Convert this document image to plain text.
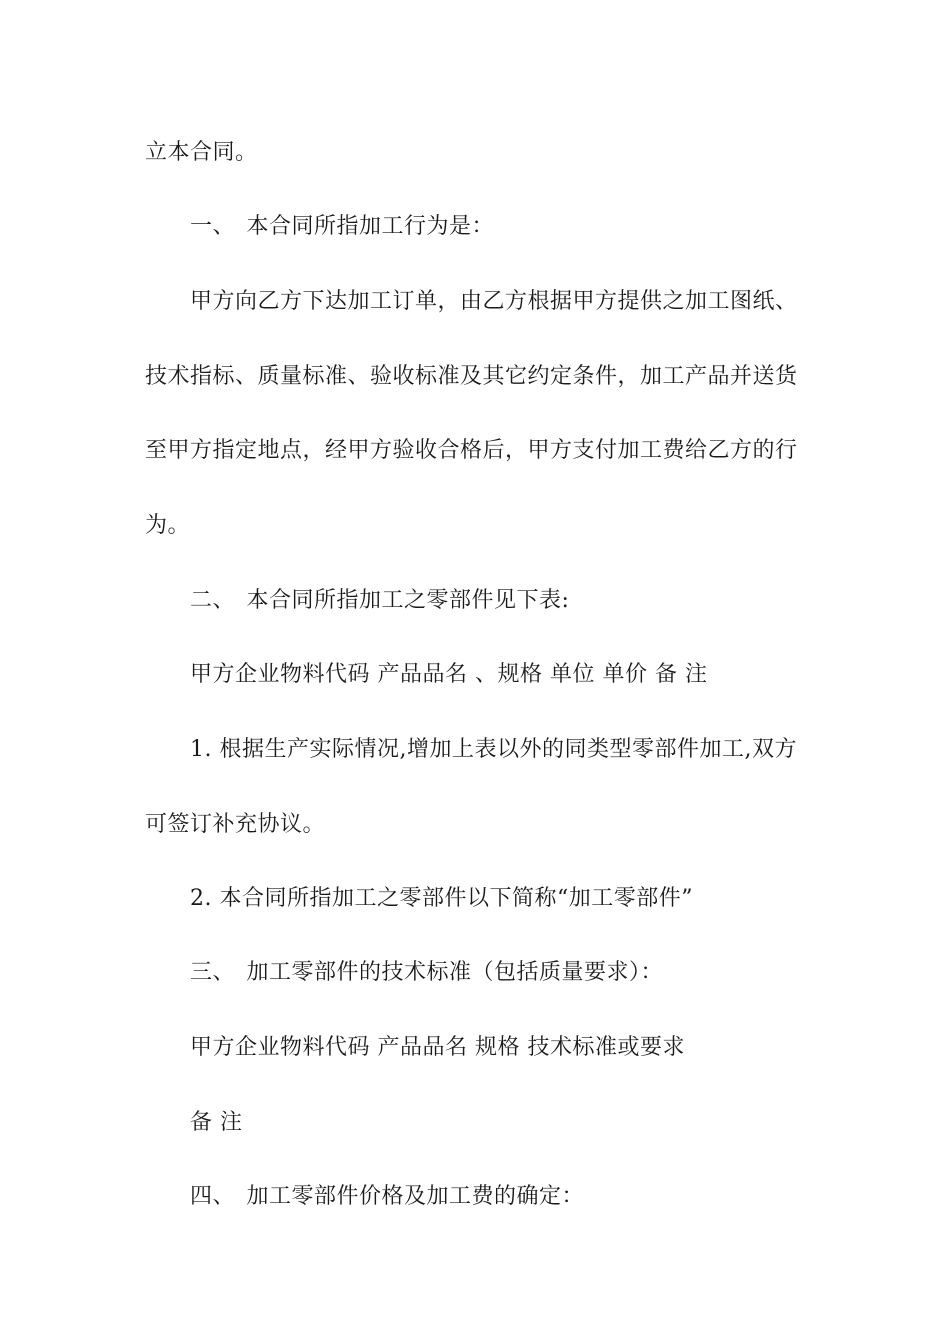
立本合同。
一、　本合同所指加工行为是：
甲方向乙方下达加工订单，由乙方根据甲方提供之加工图纸、
技术指标、质量标准、验收标准及其它约定条件，加工产品并送货
至甲方指定地点，经甲方验收合格后，甲方支付加工费给乙方的行
为。
二、　本合同所指加工之零部件见下表:
甲方企业物料代码 产品品名 、规格 单位 单价 备 注
1. 根据生产实际情况,增加上表以外的同类型零部件加工,双方
可签订补充协议。
2. 本合同所指加工之零部件以下简称“加工零部件”
三、　加工零部件的技术标准（包括质量要求）：
甲方企业物料代码 产品品名 规格 技术标准或要求
备 注
四、　加工零部件价格及加工费的确定：
